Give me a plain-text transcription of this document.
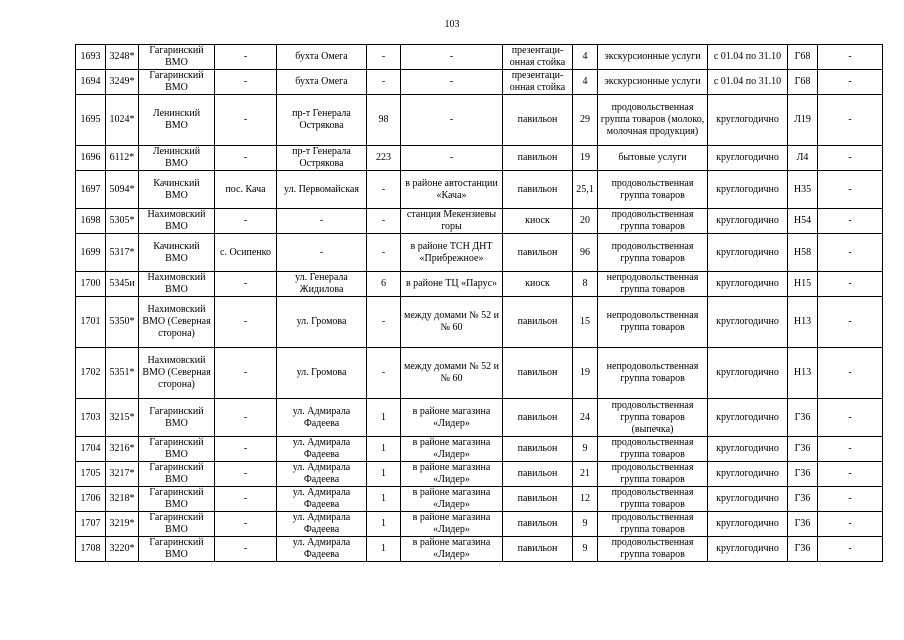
103
1693	3248*	Гагаринский ВМО	-	бухта Омега	-	-	презентаци-онная стойка	4	экскурсионные услуги	с 01.04 по 31.10	Г68	-
1694	3249*	Гагаринский ВМО	-	бухта Омега	-	-	презентаци-онная стойка	4	экскурсионные услуги	с 01.04 по 31.10	Г68	-
1695	1024*	Ленинский ВМО	-	пр-т Генерала Острякова	98	-	павильон	29	продовольственная группа товаров (молоко, молочная продукция)	круглогодично	Л19	-
1696	6112*	Ленинский ВМО	-	пр-т Генерала Острякова	223	-	павильон	19	бытовые услуги	круглогодично	Л4	-
1697	5094*	Качинский ВМО	пос. Кача	ул. Первомайская	-	в районе автостанции «Кача»	павильон	25,1	продовольственная группа товаров	круглогодично	Н35	-
1698	5305*	Нахимовский ВМО	-	-	-	станция Мекензиевы горы	киоск	20	продовольственная группа товаров	круглогодично	Н54	-
1699	5317*	Качинский ВМО	с. Осипенко	-	-	в районе ТСН ДНТ «Прибрежное»	павильон	96	продовольственная группа товаров	круглогодично	Н58	-
1700	5345и	Нахимовский ВМО	-	ул. Генерала Жидилова	6	в районе ТЦ «Парус»	киоск	8	непродовольственная группа товаров	круглогодично	Н15	-
1701	5350*	Нахимовский ВМО (Северная сторона)	-	ул. Громова	-	между домами № 52 и № 60	павильон	15	непродовольственная группа товаров	круглогодично	Н13	-
1702	5351*	Нахимовский ВМО (Северная сторона)	-	ул. Громова	-	между домами № 52 и № 60	павильон	19	непродовольственная группа товаров	круглогодично	Н13	-
1703	3215*	Гагаринский ВМО	-	ул. Адмирала Фадеева	1	в районе магазина «Лидер»	павильон	24	продовольственная группа товаров (выпечка)	круглогодично	Г36	-
1704	3216*	Гагаринский ВМО	-	ул. Адмирала Фадеева	1	в районе магазина «Лидер»	павильон	9	продовольственная группа товаров	круглогодично	Г36	-
1705	3217*	Гагаринский ВМО	-	ул. Адмирала Фадеева	1	в районе магазина «Лидер»	павильон	21	продовольственная группа товаров	круглогодично	Г36	-
1706	3218*	Гагаринский ВМО	-	ул. Адмирала Фадеева	1	в районе магазина «Лидер»	павильон	12	продовольственная группа товаров	круглогодично	Г36	-
1707	3219*	Гагаринский ВМО	-	ул. Адмирала Фадеева	1	в районе магазина «Лидер»	павильон	9	продовольственная группа товаров	круглогодично	Г36	-
1708	3220*	Гагаринский ВМО	-	ул. Адмирала Фадеева	1	в районе магазина «Лидер»	павильон	9	продовольственная группа товаров	круглогодично	Г36	-
